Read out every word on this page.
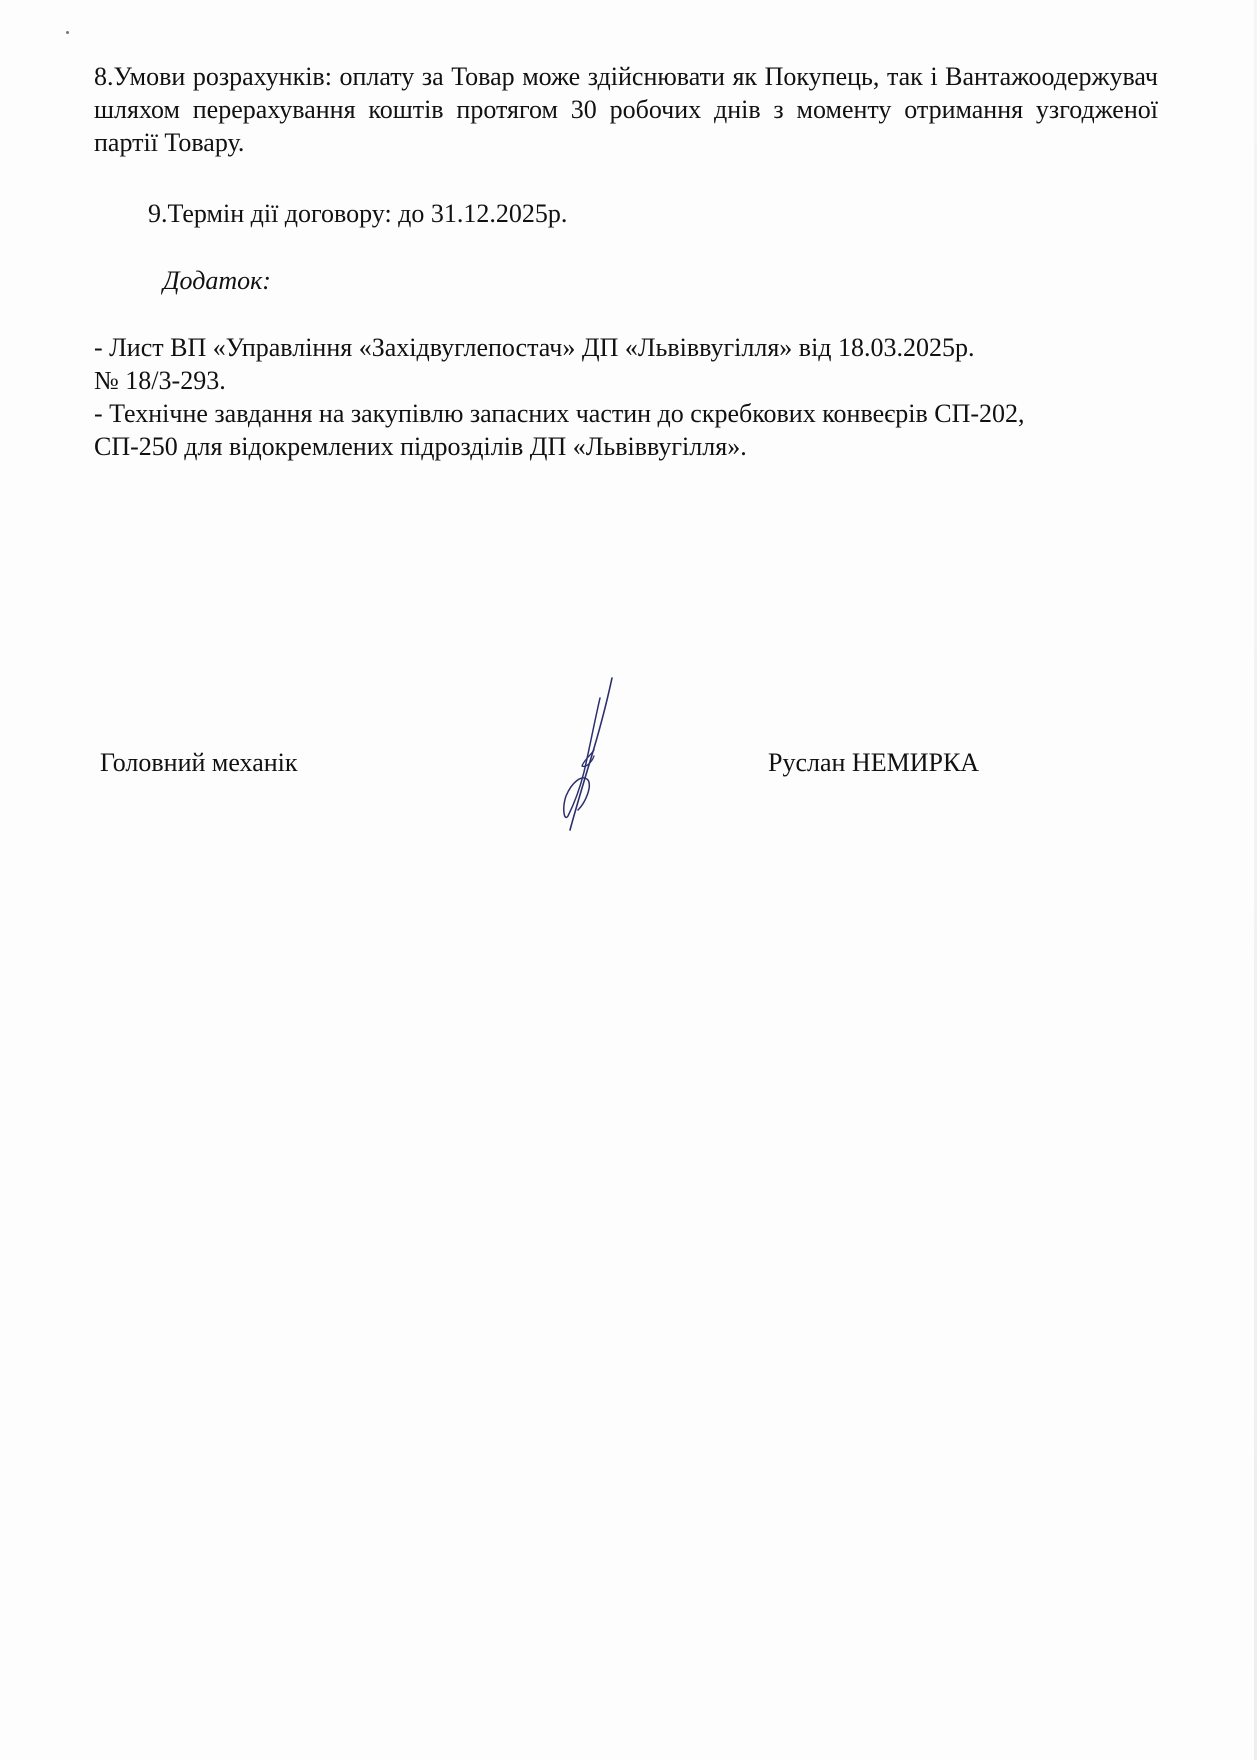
8.Умови розрахунків: оплату за Товар може здійснювати як Покупець, так і Вантажоодержувач шляхом перерахування коштів протягом 30 робочих днів з моменту отримання узгодженої партії Товару.

9.Термін дії договору: до 31.12.2025р.

Додаток:

- Лист ВП «Управління «Західвуглепостач» ДП «Львіввугілля» від 18.03.2025р.
№ 18/3-293.
- Технічне завдання на закупівлю запасних частин до скребкових конвеєрів СП-202,
СП-250 для відокремлених підрозділів ДП «Львіввугілля».

Головний механік	Руслан НЕМИРКА
